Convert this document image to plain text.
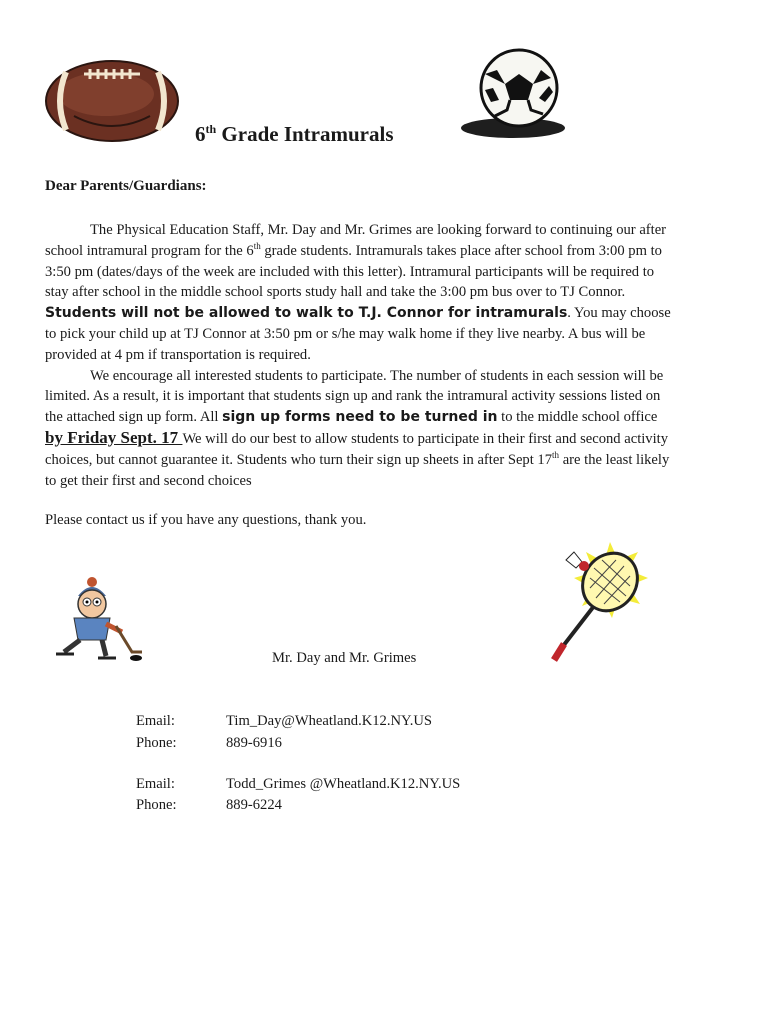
6th Grade Intramurals
Dear Parents/Guardians:

The Physical Education Staff, Mr. Day and Mr. Grimes are looking forward to continuing our after school intramural program for the 6th grade students. Intramurals takes place after school from 3:00 pm to 3:50 pm (dates/days of the week are included with this letter). Intramural participants will be required to stay after school in the middle school sports study hall and take the 3:00 pm bus over to TJ Connor. Students will not be allowed to walk to T.J. Connor for intramurals. You may choose to pick your child up at TJ Connor at 3:50 pm or s/he may walk home if they live nearby. A bus will be provided at 4 pm if transportation is required.

We encourage all interested students to participate. The number of students in each session will be limited. As a result, it is important that students sign up and rank the intramural activity sessions listed on the attached sign up form. All sign up forms need to be turned in to the middle school office by Friday Sept. 17 We will do our best to allow students to participate in their first and second activity choices, but cannot guarantee it. Students who turn their sign up sheets in after Sept 17th are the least likely to get their first and second choices

Please contact us if you have any questions, thank you.
Mr. Day and Mr. Grimes
Email:	Tim_Day@Wheatland.K12.NY.US
Phone:	889-6916
Email:	Todd_Grimes @Wheatland.K12.NY.US
Phone:	889-6224
